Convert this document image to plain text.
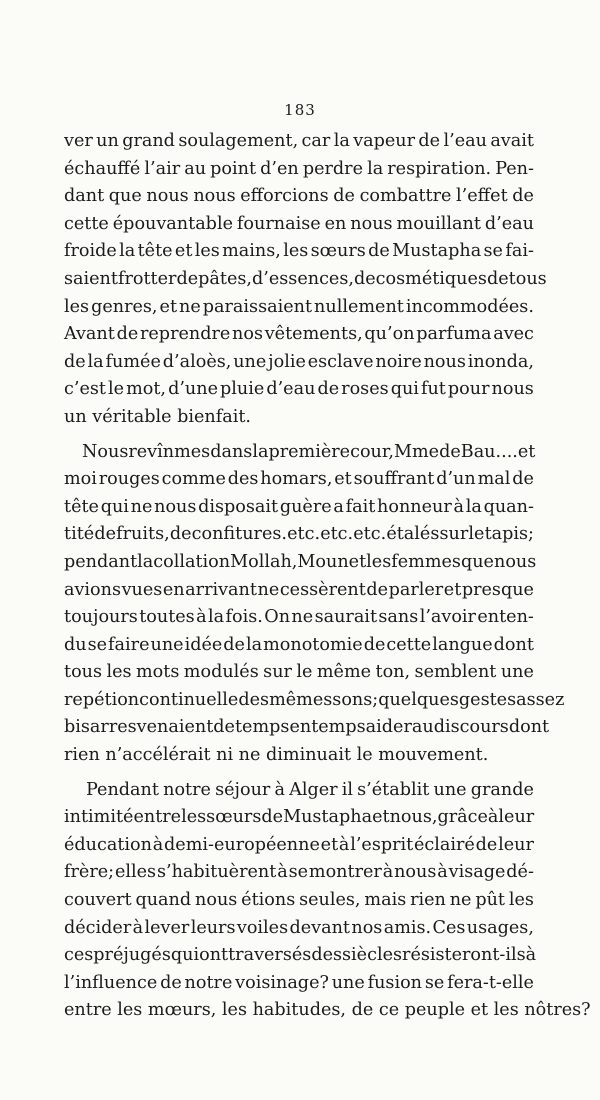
183
ver un grand soulagement, car la vapeur de l’eau avait
échauffé l’air au point d’en perdre la respiration. Pen-
dant que nous nous efforcions de combattre l’effet de
cette épouvantable fournaise en nous mouillant d’eau
froide la tête et les mains, les sœurs de Mustapha se fai-
saient frotter de pâtes, d’essences, de cosmétiques de tous
les genres, et ne paraissaient nullement incommodées.
Avant de reprendre nos vêtements, qu’on parfuma avec
de la fumée d’aloès, une jolie esclave noire nous inonda,
c’est le mot, d’une pluie d’eau de roses qui fut pour nous
un véritable bienfait.
Nous revînmes dans la première cour, Mme de Bau.... et
moi rouges comme des homars, et souffrant d’un mal de
tête qui ne nous disposait guère a fait honneur à la quan-
tité de fruits, de confitures. etc. etc. etc. étalés sur le tapis;
pendant la collation Mollah, Moun et les femmes que nous
avions vues en arrivant ne cessèrent de parler et presque
toujours toutes à la fois. On ne saurait sans l’avoir enten-
du se faire une idée de la monotomie de cette langue dont
tous les mots modulés sur le même ton, semblent une
repétion continuelle des mêmes sons; quelques gestes assez
bisarres venaient de temps en temps aider au discours dont
rien n’accélérait ni ne diminuait le mouvement.
Pendant notre séjour à Alger il s’établit une grande
intimité entre les sœurs de Mustapha et nous, grâce à leur
éducation à demi-européenne et à l’esprit éclairé de leur
frère; elles s’habituèrent à se montrer à nous à visage dé-
couvert quand nous étions seules, mais rien ne pût les
décider à lever leurs voiles devant nos amis. Ces usages,
ces préjugés qui ont traversés des siècles résisteront-ils à
l’influence de notre voisinage? une fusion se fera-t-elle
entre les mœurs, les habitudes, de ce peuple et les nôtres?
